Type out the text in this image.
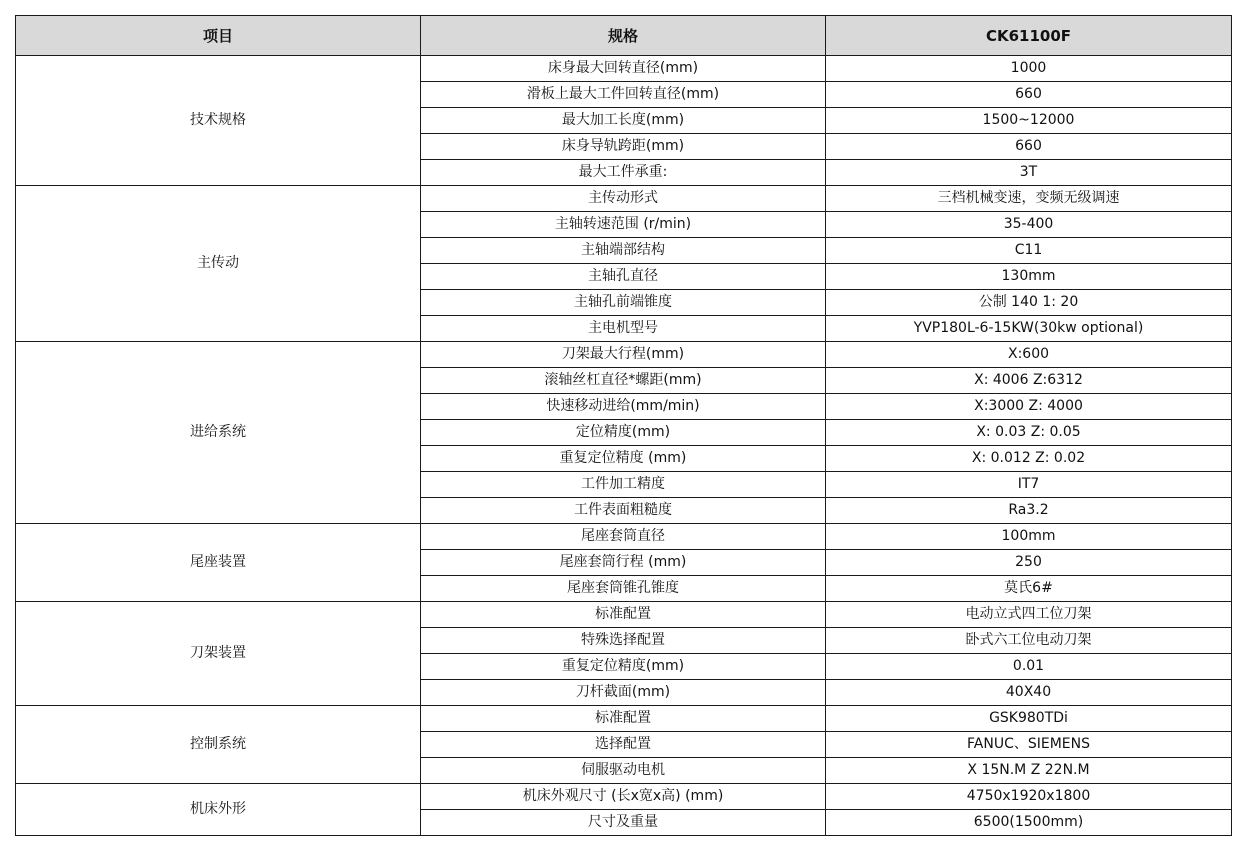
项目	规格	CK61100F
技术规格	床身最大回转直径(mm)	1000
	滑板上最大工件回转直径(mm)	660
	最大加工长度(mm)	1500~12000
	床身导轨跨距(mm)	660
	最大工件承重:	3T
主传动	主传动形式	三档机械变速，变频无级调速
	主轴转速范围 (r/min)	35-400
	主轴端部结构	C11
	主轴孔直径	130mm
	主轴孔前端锥度	公制 140 1: 20
	主电机型号	YVP180L-6-15KW(30kw optional)
进给系统	刀架最大行程(mm)	X:600
	滚轴丝杠直径*螺距(mm)	X: 4006 Z:6312
	快速移动进给(mm/min)	X:3000 Z: 4000
	定位精度(mm)	X: 0.03 Z: 0.05
	重复定位精度 (mm)	X: 0.012 Z: 0.02
	工件加工精度	IT7
	工件表面粗糙度	Ra3.2
尾座装置	尾座套筒直径	100mm
	尾座套筒行程 (mm)	250
	尾座套筒锥孔锥度	莫氏6#
刀架装置	标准配置	电动立式四工位刀架
	特殊选择配置	卧式六工位电动刀架
	重复定位精度(mm)	0.01
	刀杆截面(mm)	40X40
控制系统	标准配置	GSK980TDi
	选择配置	FANUC、SIEMENS
	伺服驱动电机	X 15N.M Z 22N.M
机床外形	机床外观尺寸 (长x宽x高) (mm)	4750x1920x1800
	尺寸及重量	6500(1500mm)
